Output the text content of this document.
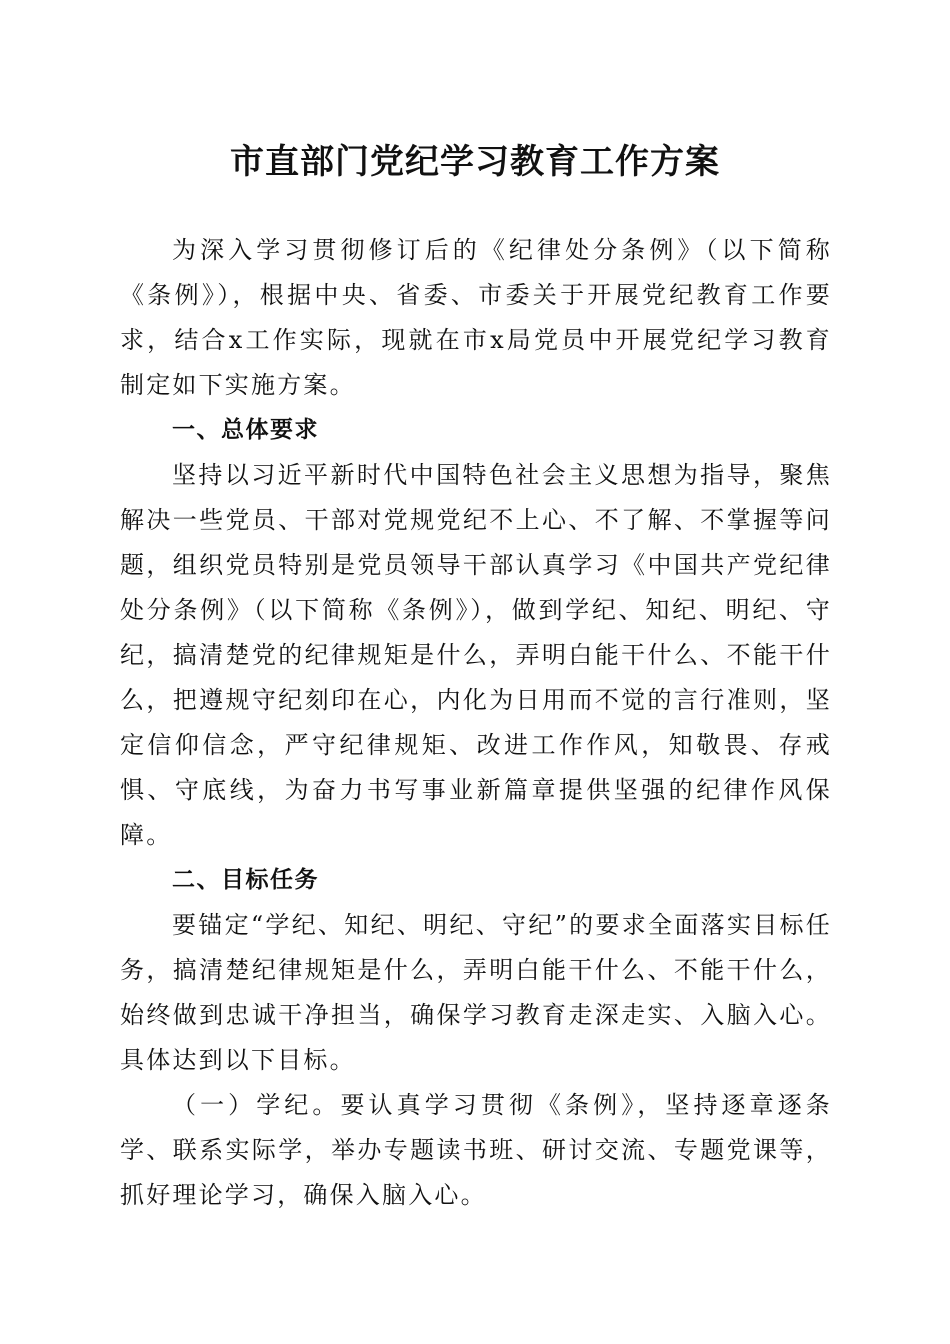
市直部门党纪学习教育工作方案

为深入学习贯彻修订后的《纪律处分条例》（以下简称《条例》），根据中央、省委、市委关于开展党纪教育工作要求，结合x工作实际，现就在市x局党员中开展党纪学习教育制定如下实施方案。

一、总体要求

坚持以习近平新时代中国特色社会主义思想为指导，聚焦解决一些党员、干部对党规党纪不上心、不了解、不掌握等问题，组织党员特别是党员领导干部认真学习《中国共产党纪律处分条例》（以下简称《条例》），做到学纪、知纪、明纪、守纪，搞清楚党的纪律规矩是什么，弄明白能干什么、不能干什么，把遵规守纪刻印在心，内化为日用而不觉的言行准则，坚定信仰信念，严守纪律规矩、改进工作作风，知敬畏、存戒惧、守底线，为奋力书写事业新篇章提供坚强的纪律作风保障。

二、目标任务

要锚定“学纪、知纪、明纪、守纪”的要求全面落实目标任务，搞清楚纪律规矩是什么，弄明白能干什么、不能干什么，始终做到忠诚干净担当，确保学习教育走深走实、入脑入心。具体达到以下目标。

（一）学纪。要认真学习贯彻《条例》，坚持逐章逐条学、联系实际学，举办专题读书班、研讨交流、专题党课等，抓好理论学习，确保入脑入心。
